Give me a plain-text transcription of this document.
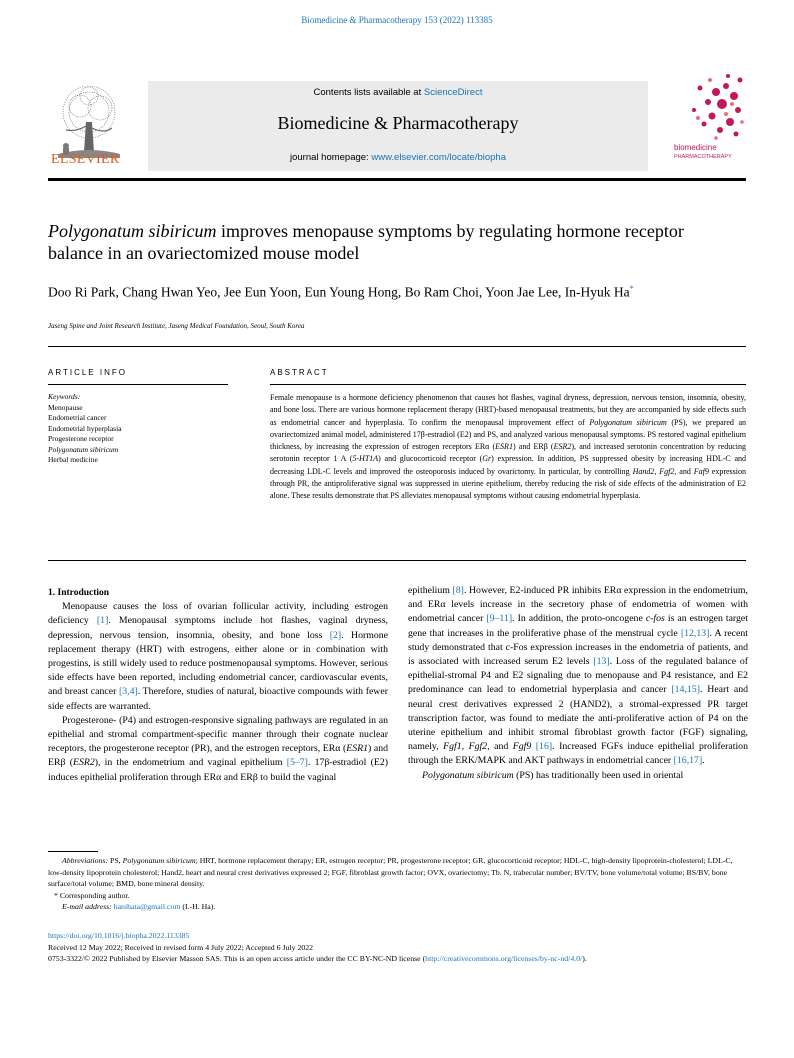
Biomedicine & Pharmacotherapy 153 (2022) 113385
ELSEVIER
Contents lists available at ScienceDirect
Biomedicine & Pharmacotherapy
journal homepage: www.elsevier.com/locate/biopha
biomedicine
PHARMACOTHERAPY
Polygonatum sibiricum improves menopause symptoms by regulating hormone receptor balance in an ovariectomized mouse model
Doo Ri Park, Chang Hwan Yeo, Jee Eun Yoon, Eun Young Hong, Bo Ram Choi, Yoon Jae Lee, In-Hyuk Ha*
Jaseng Spine and Joint Research Institute, Jaseng Medical Foundation, Seoul, South Korea
ARTICLE INFO	ABSTRACT
Keywords:
Menopause
Endometrial cancer
Endometrial hyperplasia
Progesterone receptor
Polygonatum sibiricum
Herbal medicine
Female menopause is a hormone deficiency phenomenon that causes hot flashes, vaginal dryness, depression, nervous tension, insomnia, obesity, and bone loss. There are various hormone replacement therapy (HRT)-based menopausal treatments, but they are accompanied by side effects such as endometrial cancer and hyperplasia. To confirm the menopausal improvement effect of Polygonatum sibiricum (PS), we prepared an ovariectomized animal model, administered 17β-estradiol (E2) and PS, and analyzed various menopausal symptoms. PS restored vaginal epithelium thickness, by increasing the expression of estrogen receptors ERα (ESR1) and ERβ (ESR2), and increased serotonin concentration by reducing serotonin receptor 1 A (5-HT1A) and glucocorticoid receptor (Gr) expression. In addition, PS suppressed obesity by increasing HDL-C and decreasing LDL-C levels and improved the osteoporosis induced by ovarictomy. In particular, by controlling Hand2, Fgf2, and Faf9 expression through PR, the antiproliferative signal was suppressed in uterine epithelium, thereby reducing the risk of side effects of the administration of E2 alone. These results demonstrate that PS alleviates menopausal symptoms without causing endometrial hyperplasia.

1. Introduction

Menopause causes the loss of ovarian follicular activity, including estrogen deficiency [1]. Menopausal symptoms include hot flashes, vaginal dryness, depression, nervous tension, insomnia, obesity, and bone loss [2]. Hormone replacement therapy (HRT) with estrogens, either alone or in combination with progestins, is still widely used to reduce postmenopausal symptoms. However, serious side effects have been reported, including endometrial cancer, cardiovascular events, and breast cancer [3,4]. Therefore, studies of natural, bioactive compounds with fewer side effects are warranted.

Progesterone- (P4) and estrogen-responsive signaling pathways are regulated in an epithelial and stromal compartment-specific manner through their cognate nuclear receptors, the progesterone receptor (PR), and the estrogen receptors, ERα (ESR1) and ERβ (ESR2), in the endometrium and vaginal epithelium [5–7]. 17β-estradiol (E2) induces epithelial proliferation through ERα and ERβ to build the vaginal

epithelium [8]. However, E2-induced PR inhibits ERα expression in the endometrium, and ERα levels increase in the secretory phase of endometria of women with endometrial cancer [9–11]. In addition, the proto-oncogene c-fos is an estrogen target gene that increases in the proliferative phase of the menstrual cycle [12,13]. A recent study demonstrated that c-Fos expression increases in the endometria of patients, and is associated with increased serum E2 levels [13]. Loss of the regulated balance of epithelial-stromal P4 and E2 signaling due to menopause and P4 resistance, and E2 predominance can lead to endometrial hyperplasia and cancer [14,15]. Heart and neural crest derivatives expressed 2 (HAND2), a stromal-expressed PR target transcription factor, was found to mediate the anti-proliferative action of P4 on the uterine epithelium and inhibit stromal fibroblast growth factor (FGF) signaling, namely, Fgf1, Fgf2, and Fgf9 [16]. Increased FGFs induce epithelial proliferation through the ERK/MAPK and AKT pathways in endometrial cancer [16,17].

Polygonatum sibiricum (PS) has traditionally been used in oriental

Abbreviations: PS, Polygonatum sibiricum; HRT, hormone replacement therapy; ER, estrogen receptor; PR, progesterone receptor; GR, glucocorticoid receptor; HDL-C, high-density lipoprotein-cholesterol; LDL-C, low-density lipoprotein cholesterol; Hand2, heart and neural crest derivatives expressed 2; FGF, fibroblast growth factor; OVX, ovariectomy; Tb. N, trabecular number; BV/TV, bone volume/total volume; BS/BV, bone surface/total volume; BMD, bone mineral density.

* Corresponding author.

E-mail address: hanihata@gmail.com (I.-H. Ha).

https://doi.org/10.1016/j.biopha.2022.113385

Received 12 May 2022; Received in revised form 4 July 2022; Accepted 6 July 2022

0753-3322/© 2022 Published by Elsevier Masson SAS. This is an open access article under the CC BY-NC-ND license (http://creativecommons.org/licenses/by-nc-nd/4.0/).
